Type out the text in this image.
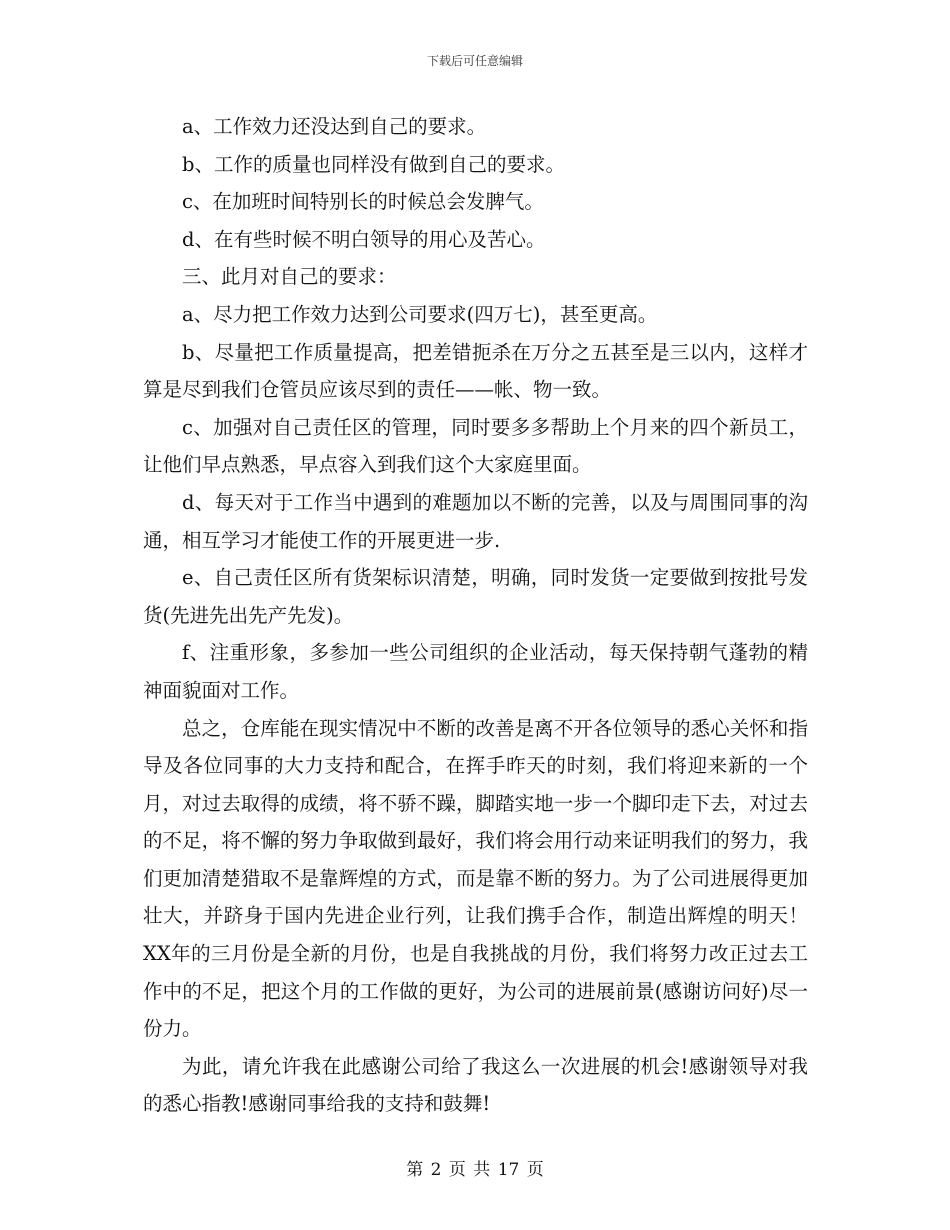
下载后可任意编辑

a、工作效力还没达到自己的要求。

b、工作的质量也同样没有做到自己的要求。

c、在加班时间特别长的时候总会发脾气。

d、在有些时候不明白领导的用心及苦心。

三、此月对自己的要求：

a、尽力把工作效力达到公司要求(四万七)，甚至更高。

b、尽量把工作质量提高，把差错扼杀在万分之五甚至是三以内，这样才算是尽到我们仓管员应该尽到的责任——帐、物一致。

c、加强对自己责任区的管理，同时要多多帮助上个月来的四个新员工，让他们早点熟悉，早点容入到我们这个大家庭里面。

d、每天对于工作当中遇到的难题加以不断的完善，以及与周围同事的沟通，相互学习才能使工作的开展更进一步.

e、自己责任区所有货架标识清楚，明确，同时发货一定要做到按批号发货(先进先出先产先发)。

f、注重形象，多参加一些公司组织的企业活动，每天保持朝气蓬勃的精神面貌面对工作。

总之，仓库能在现实情况中不断的改善是离不开各位领导的悉心关怀和指导及各位同事的大力支持和配合，在挥手昨天的时刻，我们将迎来新的一个月，对过去取得的成绩，将不骄不躁，脚踏实地一步一个脚印走下去，对过去的不足，将不懈的努力争取做到最好，我们将会用行动来证明我们的努力，我们更加清楚猎取不是靠辉煌的方式，而是靠不断的努力。为了公司进展得更加壮大，并跻身于国内先进企业行列，让我们携手合作，制造出辉煌的明天！XX年的三月份是全新的月份，也是自我挑战的月份，我们将努力改正过去工作中的不足，把这个月的工作做的更好，为公司的进展前景(感谢访问好)尽一份力。

为此，请允许我在此感谢公司给了我这么一次进展的机会!感谢领导对我的悉心指教!感谢同事给我的支持和鼓舞!

第 2 页 共 17 页
